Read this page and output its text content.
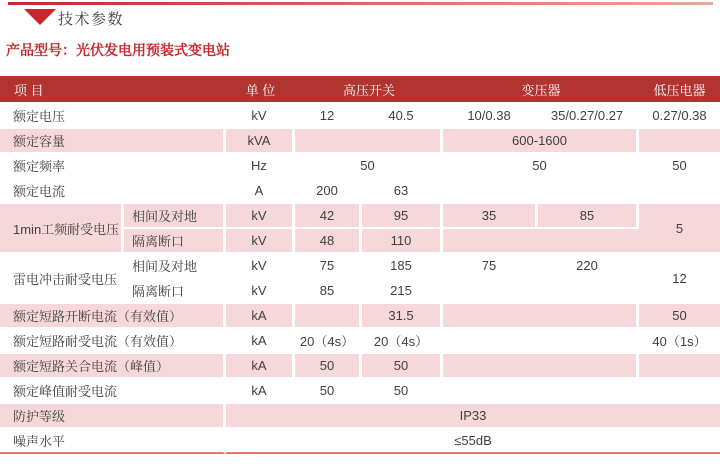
技术参数
产品型号：光伏发电用预装式变电站
项 目		单 位	高压开关		变压器		低压电器
额定电压		kV	12	40.5	10/0.38	35/0.27/0.27	0.27/0.38
额定容量		kVA			600-1600		
额定频率		Hz	50		50		50
额定电流		A	200	63			
1min工频耐受电压	相间及对地	kV	42	95	35	85	5
	隔离断口	kV	48	110			
雷电冲击耐受电压	相间及对地	kV	75	185	75	220	12
	隔离断口	kV	85	215			
额定短路开断电流（有效值）		kA		31.5			50
额定短路耐受电流（有效值）		kA	20（4s）	20（4s）			40（1s）
额定短路关合电流（峰值）		kA	50	50			
额定峰值耐受电流		kA	50	50			
防护等级		IP33					
噪声水平		≤55dB					
